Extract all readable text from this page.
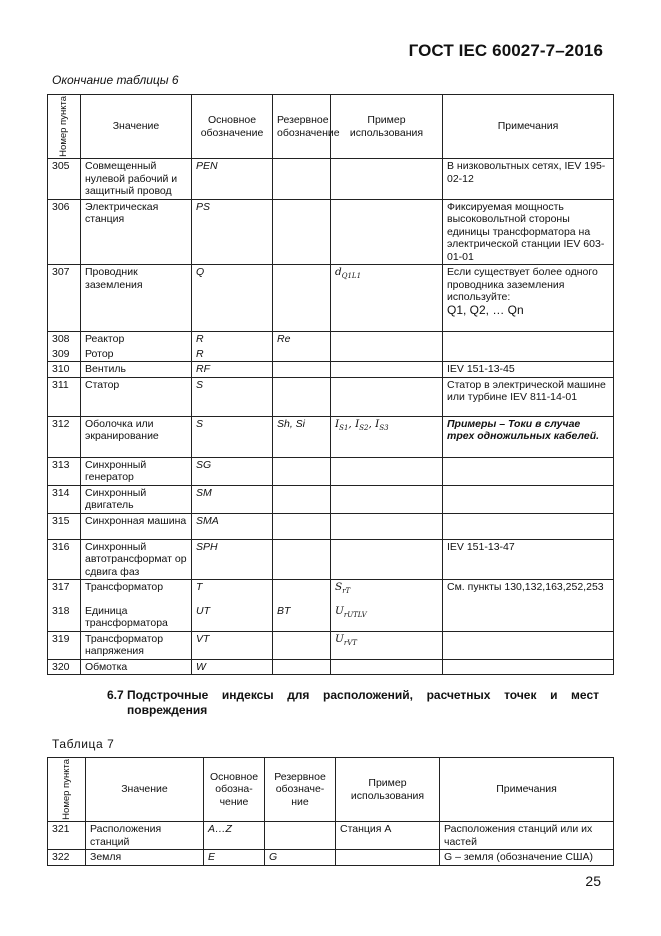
ГОСТ IEC 60027-7–2016
Окончание таблицы 6
Номер пункта	Значение	Основное обозначение	Резервное обозначение	Пример использования	Примечания
305	Совмещенный нулевой рабочий и защитный провод	PEN			В низковольтных сетях, IEV 195-02-12
306	Электрическая станция	PS			Фиксируемая мощность высоковольтной стороны единицы трансформатора на электрической станции IEV 603-01-01
307	Проводник заземления	Q		$d_{Q1L1}$	Если существует более одного проводника заземления используйте:
Q1, Q2, … Qn
308	Реактор	R	Re		
309	Ротор	R			
310	Вентиль	RF			IEV 151-13-45
311	Статор	S			Статор в электрической машине или турбине IEV 811-14-01
312	Оболочка или экранирование	S	Sh, Si	$I_{S1}$, $I_{S2}$, $I_{S3}$	Примеры – Токи в случае трех одножильных кабелей.
313	Синхронный генератор	SG			
314	Синхронный двигатель	SM			
315	Синхронная машина	SMA			
316	Синхронный автотрансформат ор сдвига фаз	SPH			IEV 151-13-47
317	Трансформатор	T		$S_{rT}$	См. пункты 130,132,163,252,253
318	Единица трансформатора	UT	BT	$U_{rUTLV}$
319	Трансформатор напряжения	VT		$U_{rVT}$	
320	Обмотка	W			
6.7 Подстрочные индексы для расположений, расчетных точек и мест повреждения
Таблица 7
Номер пункта	Значение	Основное обозна-чение	Резервное обозначе-ние	Пример использования	Примечания
321	Расположения станций	A…Z		Станция А	Расположения станций или их частей
322	Земля	E	G		G – земля (обозначение США)
25
